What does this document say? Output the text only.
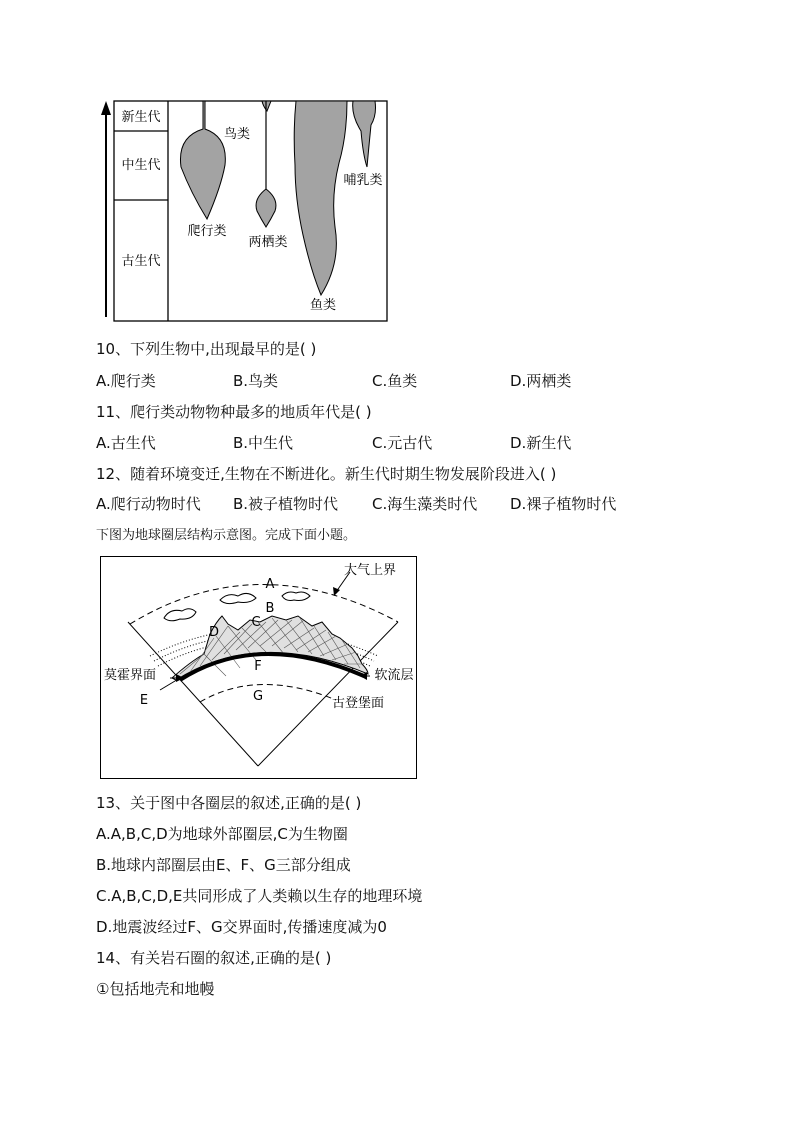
新生代
中生代
古生代
鸟类
爬行类
两栖类
鱼类
哺乳类
10、下列生物中,出现最早的是( )
A.爬行类	B.鸟类	C.鱼类	D.两栖类
11、爬行类动物物种最多的地质年代是( )
A.古生代	B.中生代	C.元古代	D.新生代
12、随着环境变迁,生物在不断进化。新生代时期生物发展阶段进入( )
A.爬行动物时代 B.被子植物时代 C.海生藻类时代 D.裸子植物时代
下图为地球圈层结构示意图。完成下面小题。
大气上界
A
B
C
D
F
G
E
莫霍界面	软流层
古登堡面
13、关于图中各圈层的叙述,正确的是( )
A.A,B,C,D为地球外部圈层,C为生物圈
B.地球内部圈层由E、F、G三部分组成
C.A,B,C,D,E共同形成了人类赖以生存的地理环境
D.地震波经过F、G交界面时,传播速度减为0
14、有关岩石圈的叙述,正确的是( )
①包括地壳和地幔
